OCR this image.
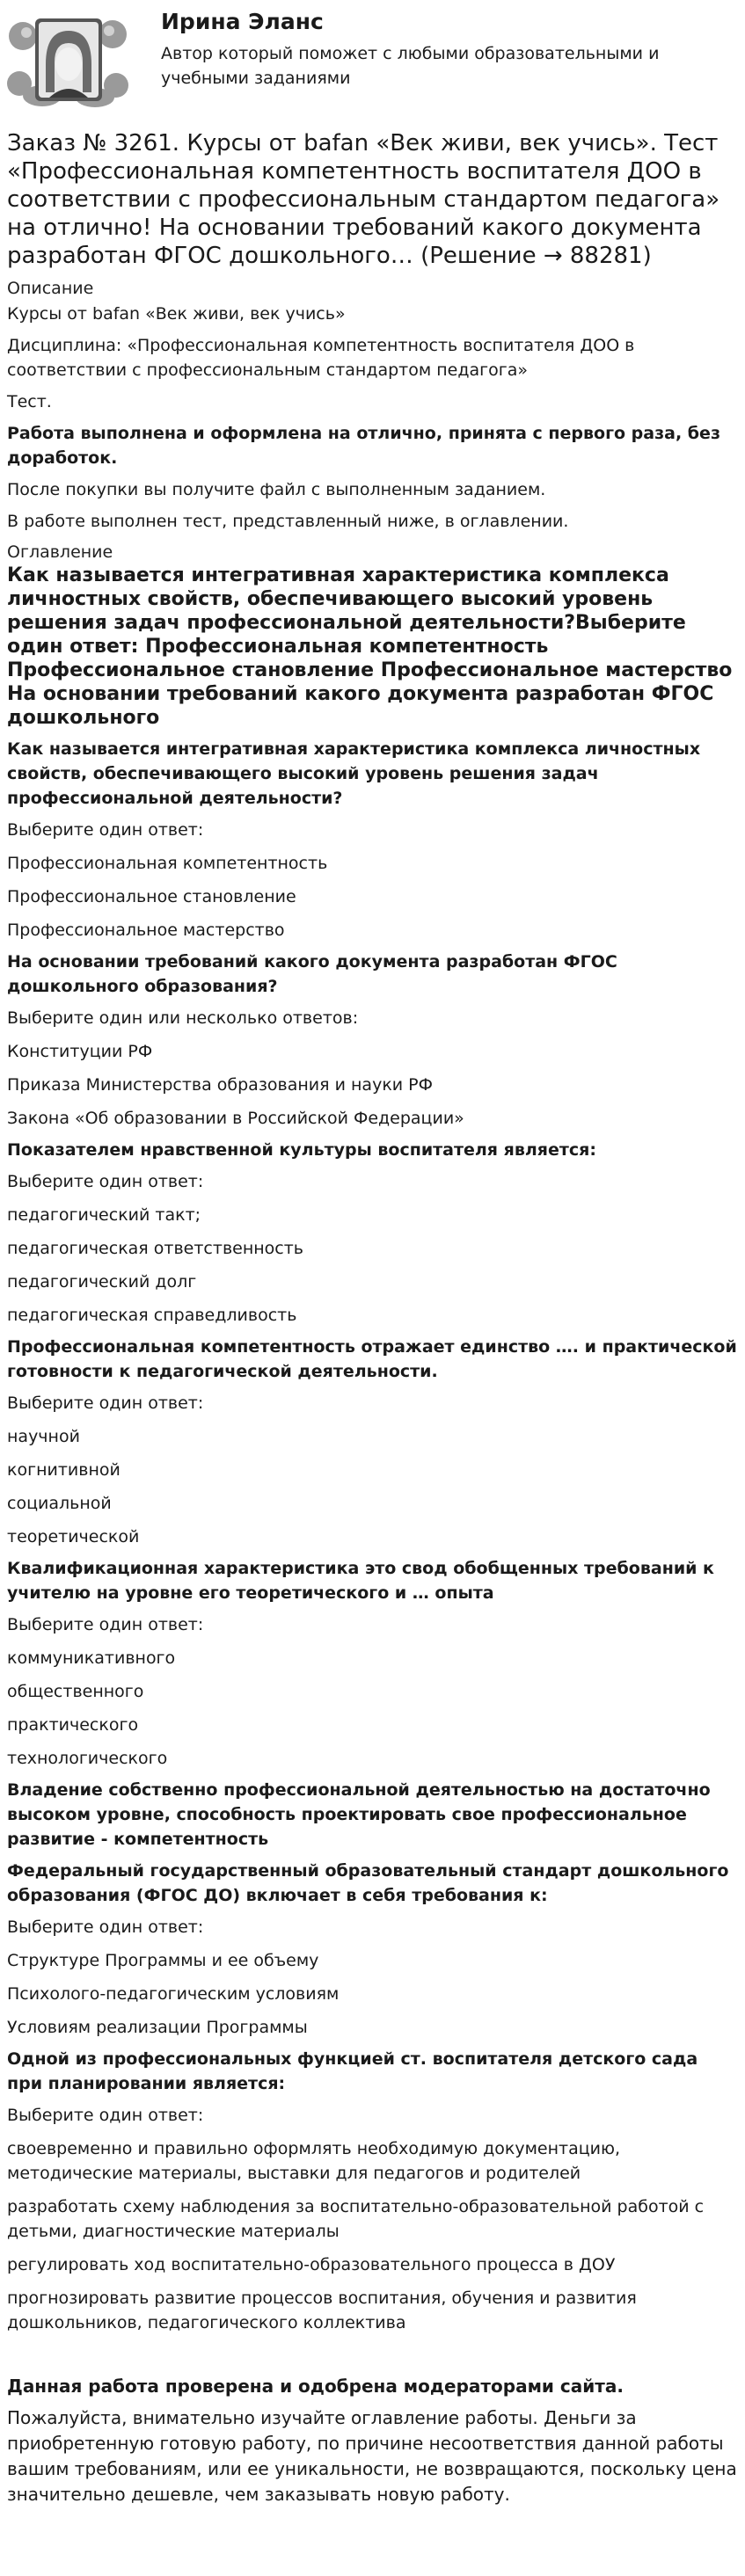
Ирина Эланс
Автор который поможет с любыми образовательными и учебными заданиями
Заказ № 3261. Курсы от bafan «Век живи, век учись». Тест «Профессиональная компетентность воспитателя ДОО в соответствии с профессиональным стандартом педагога» на отлично! На основании требований какого документа разработан ФГОС дошкольного… (Решение → 88281)
Описание
Курсы от bafan «Век живи, век учись»
Дисциплина: «Профессиональная компетентность воспитателя ДОО в соответствии с профессиональным стандартом педагога»
Тест.
Работа выполнена и оформлена на отлично, принята с первого раза, без доработок.
После покупки вы получите файл с выполненным заданием.
В работе выполнен тест, представленный ниже, в оглавлении.
Оглавление
Как называется интегративная характеристика комплекса личностных свойств, обеспечивающего высокий уровень решения задач профессиональной деятельности?Выберите один ответ: Профессиональная компетентность Профессиональное становление Профессиональное мастерство На основании требований какого документа разработан ФГОС дошкольного
Как называется интегративная характеристика комплекса личностных свойств, обеспечивающего высокий уровень решения задач профессиональной деятельности?
Выберите один ответ:
Профессиональная компетентность
Профессиональное становление
Профессиональное мастерство
На основании требований какого документа разработан ФГОС дошкольного образования?
Выберите один или несколько ответов:
Конституции РФ
Приказа Министерства образования и науки РФ
Закона «Об образовании в Российской Федерации»
Показателем нравственной культуры воспитателя является:
Выберите один ответ:
педагогический такт;
педагогическая ответственность
педагогический долг
педагогическая справедливость
Профессиональная компетентность отражает единство …. и практической готовности к педагогической деятельности.
Выберите один ответ:
научной
когнитивной
социальной
теоретической
Квалификационная характеристика это свод обобщенных требований к учителю на уровне его теоретического и … опыта
Выберите один ответ:
коммуникативного
общественного
практического
технологического
Владение собственно профессиональной деятельностью на достаточно высоком уровне, способность проектировать свое профессиональное развитие - компетентность
Федеральный государственный образовательный стандарт дошкольного образования (ФГОС ДО) включает в себя требования к:
Выберите один ответ:
Структуре Программы и ее объему
Психолого-педагогическим условиям
Условиям реализации Программы
Одной из профессиональных функцией ст. воспитателя детского сада при планировании является:
Выберите один ответ:
своевременно и правильно оформлять необходимую документацию, методические материалы, выставки для педагогов и родителей
разработать схему наблюдения за воспитательно-образовательной работой с детьми, диагностические материалы
регулировать ход воспитательно-образовательного процесса в ДОУ
прогнозировать развитие процессов воспитания, обучения и развития дошкольников, педагогического коллектива
Данная работа проверена и одобрена модераторами сайта.
Пожалуйста, внимательно изучайте оглавление работы. Деньги за приобретенную готовую работу, по причине несоответствия данной работы вашим требованиям, или ее уникальности, не возвращаются, поскольку цена значительно дешевле, чем заказывать новую работу.
